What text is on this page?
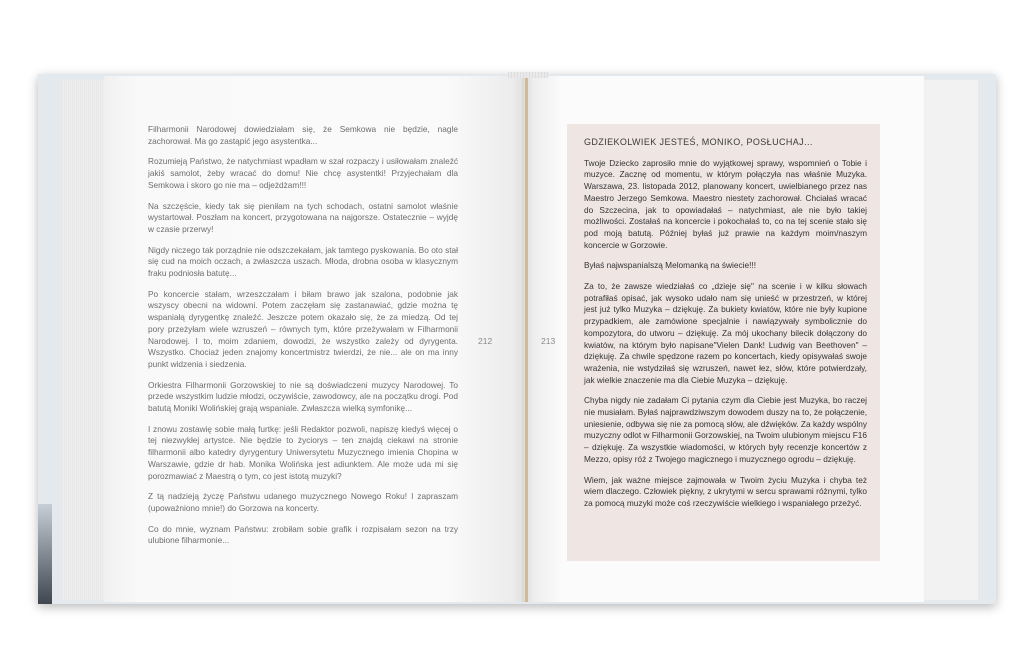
Filharmonii Narodowej dowiedziałam się, że Semkowa nie będzie, nagle zachorował. Ma go zastąpić jego asystentka...

Rozumieją Państwo, że natychmiast wpadłam w szał rozpaczy i usiłowałam znaleźć jakiś samolot, żeby wracać do domu! Nie chcę asystentki! Przyjechałam dla Semkowa i skoro go nie ma – odjeżdżam!!!

Na szczęście, kiedy tak się pieniłam na tych schodach, ostatni samolot właśnie wystartował. Poszłam na koncert, przygotowana na najgorsze. Ostatecznie – wyjdę w czasie przerwy!

Nigdy niczego tak porządnie nie odszczekałam, jak tamtego pyskowania. Bo oto stał się cud na moich oczach, a zwłaszcza uszach. Młoda, drobna osoba w klasycznym fraku podniosła batutę...

Po koncercie stałam, wrzeszczałam i biłam brawo jak szalona, podobnie jak wszyscy obecni na widowni. Potem zaczęłam się zastanawiać, gdzie można tę wspaniałą dyrygentkę znaleźć. Jeszcze potem okazało się, że za miedzą. Od tej pory przeżyłam wiele wzruszeń – równych tym, które przeżywałam w Filharmonii Narodowej. I to, moim zdaniem, dowodzi, że wszystko zależy od dyrygenta. Wszystko. Chociaż jeden znajomy koncertmistrz twierdzi, że nie... ale on ma inny punkt widzenia i siedzenia.

Orkiestra Filharmonii Gorzowskiej to nie są doświadczeni muzycy Narodowej. To przede wszystkim ludzie młodzi, oczywiście, zawodowcy, ale na początku drogi. Pod batutą Moniki Wolińskiej grają wspaniale. Zwłaszcza wielką symfonikę...

I znowu zostawię sobie małą furtkę: jeśli Redaktor pozwoli, napiszę kiedyś więcej o tej niezwykłej artystce. Nie będzie to życiorys – ten znajdą ciekawi na stronie filharmonii albo katedry dyrygentury Uniwersytetu Muzycznego imienia Chopina w Warszawie, gdzie dr hab. Monika Wolińska jest adiunktem. Ale może uda mi się porozmawiać z Maestrą o tym, co jest istotą muzyki?

Z tą nadzieją życzę Państwu udanego muzycznego Nowego Roku! I zapraszam (upoważniono mnie!) do Gorzowa na koncerty.

Co do mnie, wyznam Państwu: zrobiłam sobie grafik i rozpisałam sezon na trzy ulubione filharmonie...

GDZIEKOLWIEK JESTEŚ, MONIKO, POSŁUCHAJ...

Twoje Dziecko zaprosiło mnie do wyjątkowej sprawy, wspomnień o Tobie i muzyce. Zacznę od momentu, w którym połączyła nas właśnie Muzyka. Warszawa, 23. listopada 2012, planowany koncert, uwielbianego przez nas Maestro Jerzego Semkowa. Maestro niestety zachorował. Chciałaś wracać do Szczecina, jak to opowiadałaś – natychmiast, ale nie było takiej możliwości. Zostałaś na koncercie i pokochałaś to, co na tej scenie stało się pod moją batutą. Później byłaś już prawie na każdym moim/naszym koncercie w Gorzowie.

Byłaś najwspanialszą Melomanką na świecie!!!

Za to, że zawsze wiedziałaś co „dzieje się" na scenie i w kilku słowach potrafiłaś opisać, jak wysoko udało nam się unieść w przestrzeń, w której jest już tylko Muzyka – dziękuję. Za bukiety kwiatów, które nie były kupione przypadkiem, ale zamówione specjalnie i nawiązywały symbolicznie do kompozytora, do utworu – dziękuję. Za mój ukochany bilecik dołączony do kwiatów, na którym było napisane"Vielen Dank! Ludwig van Beethoven" – dziękuję. Za chwile spędzone razem po koncertach, kiedy opisywałaś swoje wrażenia, nie wstydziłaś się wzruszeń, nawet łez, słów, które potwierdzały, jak wielkie znaczenie ma dla Ciebie Muzyka – dziękuję.

Chyba nigdy nie zadałam Ci pytania czym dla Ciebie jest Muzyka, bo raczej nie musiałam. Byłaś najprawdziwszym dowodem duszy na to, że połączenie, uniesienie, odbywa się nie za pomocą słów, ale dźwięków. Za każdy wspólny muzyczny odlot w Filharmonii Gorzowskiej, na Twoim ulubionym miejscu F16 – dziękuję. Za wszystkie wiadomości, w których były recenzje koncertów z Mezzo, opisy róż z Twojego magicznego i muzycznego ogrodu – dziękuję.

Wiem, jak ważne miejsce zajmowała w Twoim życiu Muzyka i chyba też wiem dlaczego. Człowiek piękny, z ukrytymi w sercu sprawami różnymi, tylko za pomocą muzyki może coś rzeczywiście wielkiego i wspaniałego przeżyć.

212	213
